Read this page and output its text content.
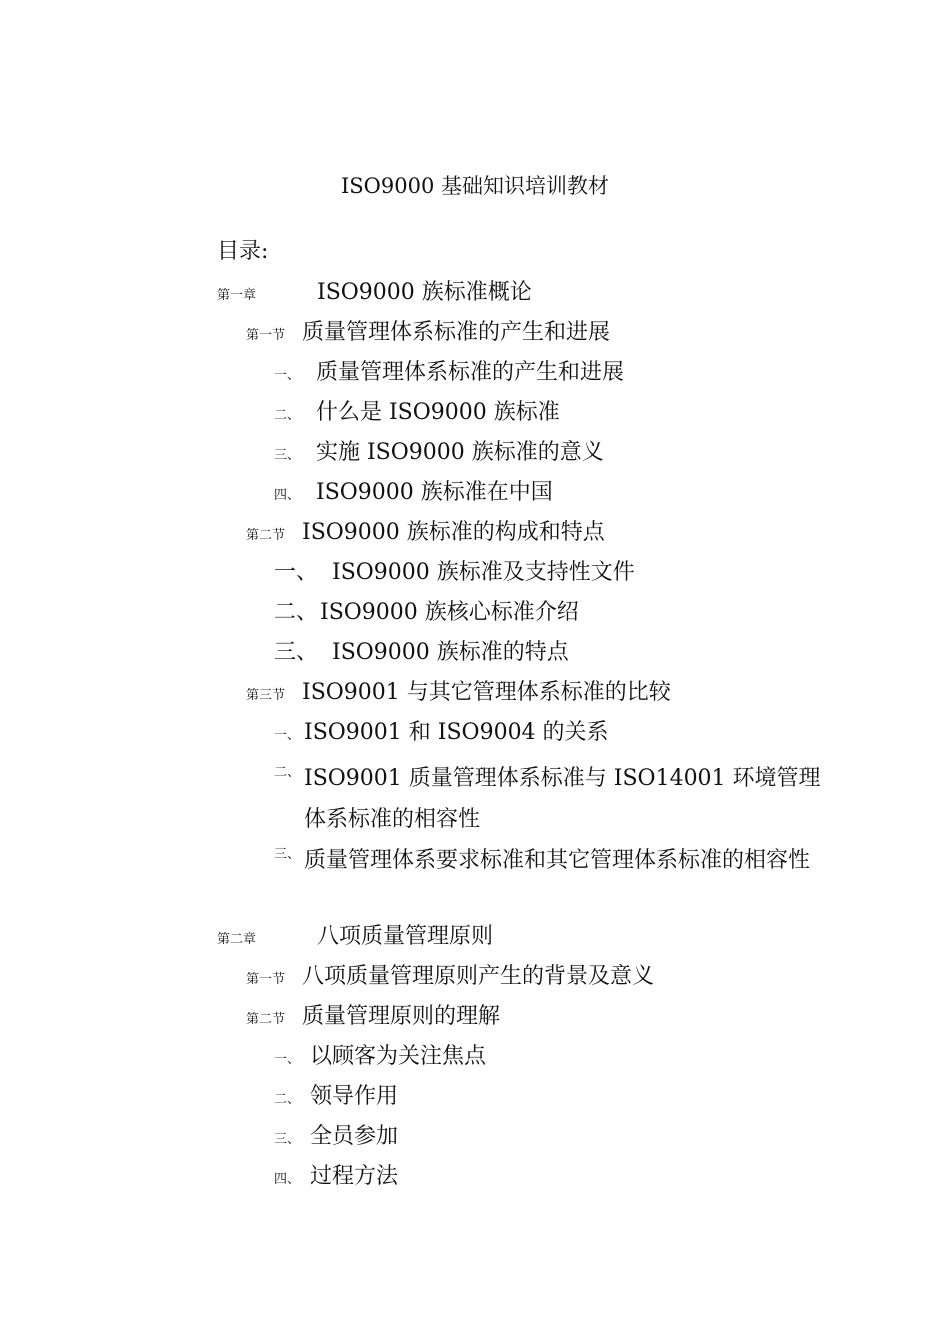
ISO9000 基础知识培训教材
目录:
第一章	ISO9000 族标准概论
第一节 质量管理体系标准的产生和进展
一、 质量管理体系标准的产生和进展
二、 什么是 ISO9000 族标准
三、 实施 ISO9000 族标准的意义
四、 ISO9000 族标准在中国
第二节 ISO9000 族标准的构成和特点
一、 ISO9000 族标准及支持性文件
二、ISO9000 族核心标准介绍
三、 ISO9000 族标准的特点
第三节 ISO9001 与其它管理体系标准的比较
一、 ISO9001 和 ISO9004 的关系
二、 ISO9001 质量管理体系标准与 ISO14001 环境管理体系标准的相容性
三、 质量管理体系要求标准和其它管理体系标准的相容性
第二章	八项质量管理原则
第一节 八项质量管理原则产生的背景及意义
第二节 质量管理原则的理解
一、 以顾客为关注焦点
二、 领导作用
三、 全员参加
四、 过程方法
